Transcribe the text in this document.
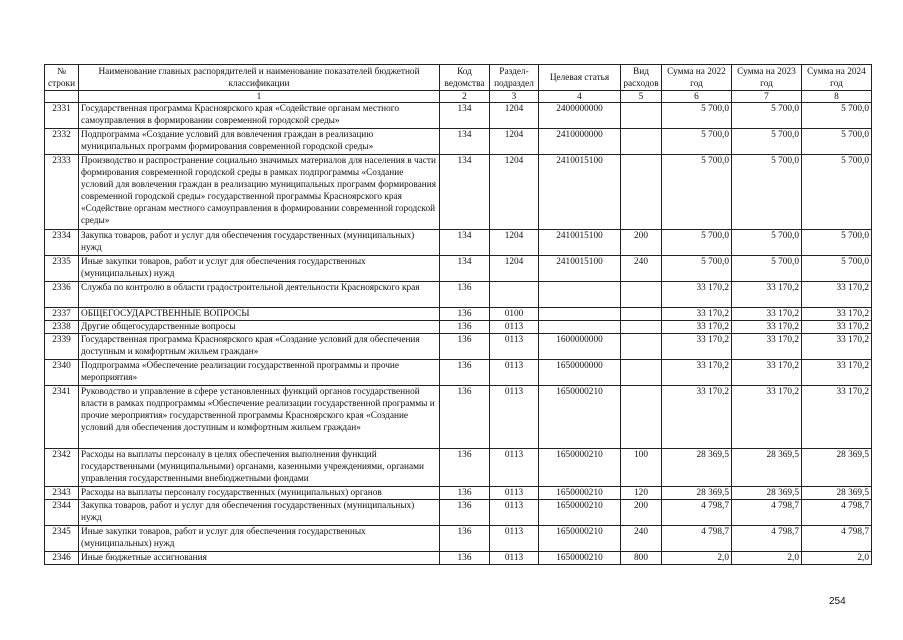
№ строки	Наименование главных распорядителей и наименование показателей бюджетной классификации	Код ведомства	Раздел-подраздел	Целевая статья	Вид расходов	Сумма на 2022 год	Сумма на 2023 год	Сумма на 2024 год
	1	2	3	4	5	6	7	8
2331	Государственная программа Красноярского края «Содействие органам местного самоуправления в формировании современной городской среды»	134	1204	2400000000		5 700,0	5 700,0	5 700,0
2332	Подпрограмма «Создание условий для вовлечения граждан в реализацию муниципальных программ формирования современной городской среды»	134	1204	2410000000		5 700,0	5 700,0	5 700,0
2333	Производство и распространение социально значимых материалов для населения в части формирования современной городской среды в рамках подпрограммы «Создание условий для вовлечения граждан в реализацию муниципальных программ формирования современной городской среды» государственной программы Красноярского края «Содействие органам местного самоуправления в формировании современной городской среды»	134	1204	2410015100		5 700,0	5 700,0	5 700,0
2334	Закупка товаров, работ и услуг для обеспечения государственных (муниципальных) нужд	134	1204	2410015100	200	5 700,0	5 700,0	5 700,0
2335	Иные закупки товаров, работ и услуг для обеспечения государственных (муниципальных) нужд	134	1204	2410015100	240	5 700,0	5 700,0	5 700,0
2336	Служба по контролю в области градостроительной деятельности Красноярского края	136				33 170,2	33 170,2	33 170,2
2337	ОБЩЕГОСУДАРСТВЕННЫЕ ВОПРОСЫ	136	0100			33 170,2	33 170,2	33 170,2
2338	Другие общегосударственные вопросы	136	0113			33 170,2	33 170,2	33 170,2
2339	Государственная программа Красноярского края «Создание условий для обеспечения доступным и комфортным жильем граждан»	136	0113	1600000000		33 170,2	33 170,2	33 170,2
2340	Подпрограмма «Обеспечение реализации государственной программы и прочие мероприятия»	136	0113	1650000000		33 170,2	33 170,2	33 170,2
2341	Руководство и управление в сфере установленных функций органов государственной власти в рамках подпрограммы «Обеспечение реализации государственной программы и прочие мероприятия» государственной программы Красноярского края «Создание условий для обеспечения доступным и комфортным жильем граждан»	136	0113	1650000210		33 170,2	33 170,2	33 170,2
2342	Расходы на выплаты персоналу в целях обеспечения выполнения функций государственными (муниципальными) органами, казенными учреждениями, органами управления государственными внебюджетными фондами	136	0113	1650000210	100	28 369,5	28 369,5	28 369,5
2343	Расходы на выплаты персоналу государственных (муниципальных) органов	136	0113	1650000210	120	28 369,5	28 369,5	28 369,5
2344	Закупка товаров, работ и услуг для обеспечения государственных (муниципальных) нужд	136	0113	1650000210	200	4 798,7	4 798,7	4 798,7
2345	Иные закупки товаров, работ и услуг для обеспечения государственных (муниципальных) нужд	136	0113	1650000210	240	4 798,7	4 798,7	4 798,7
2346	Иные бюджетные ассигнования	136	0113	1650000210	800	2,0	2,0	2,0
254
